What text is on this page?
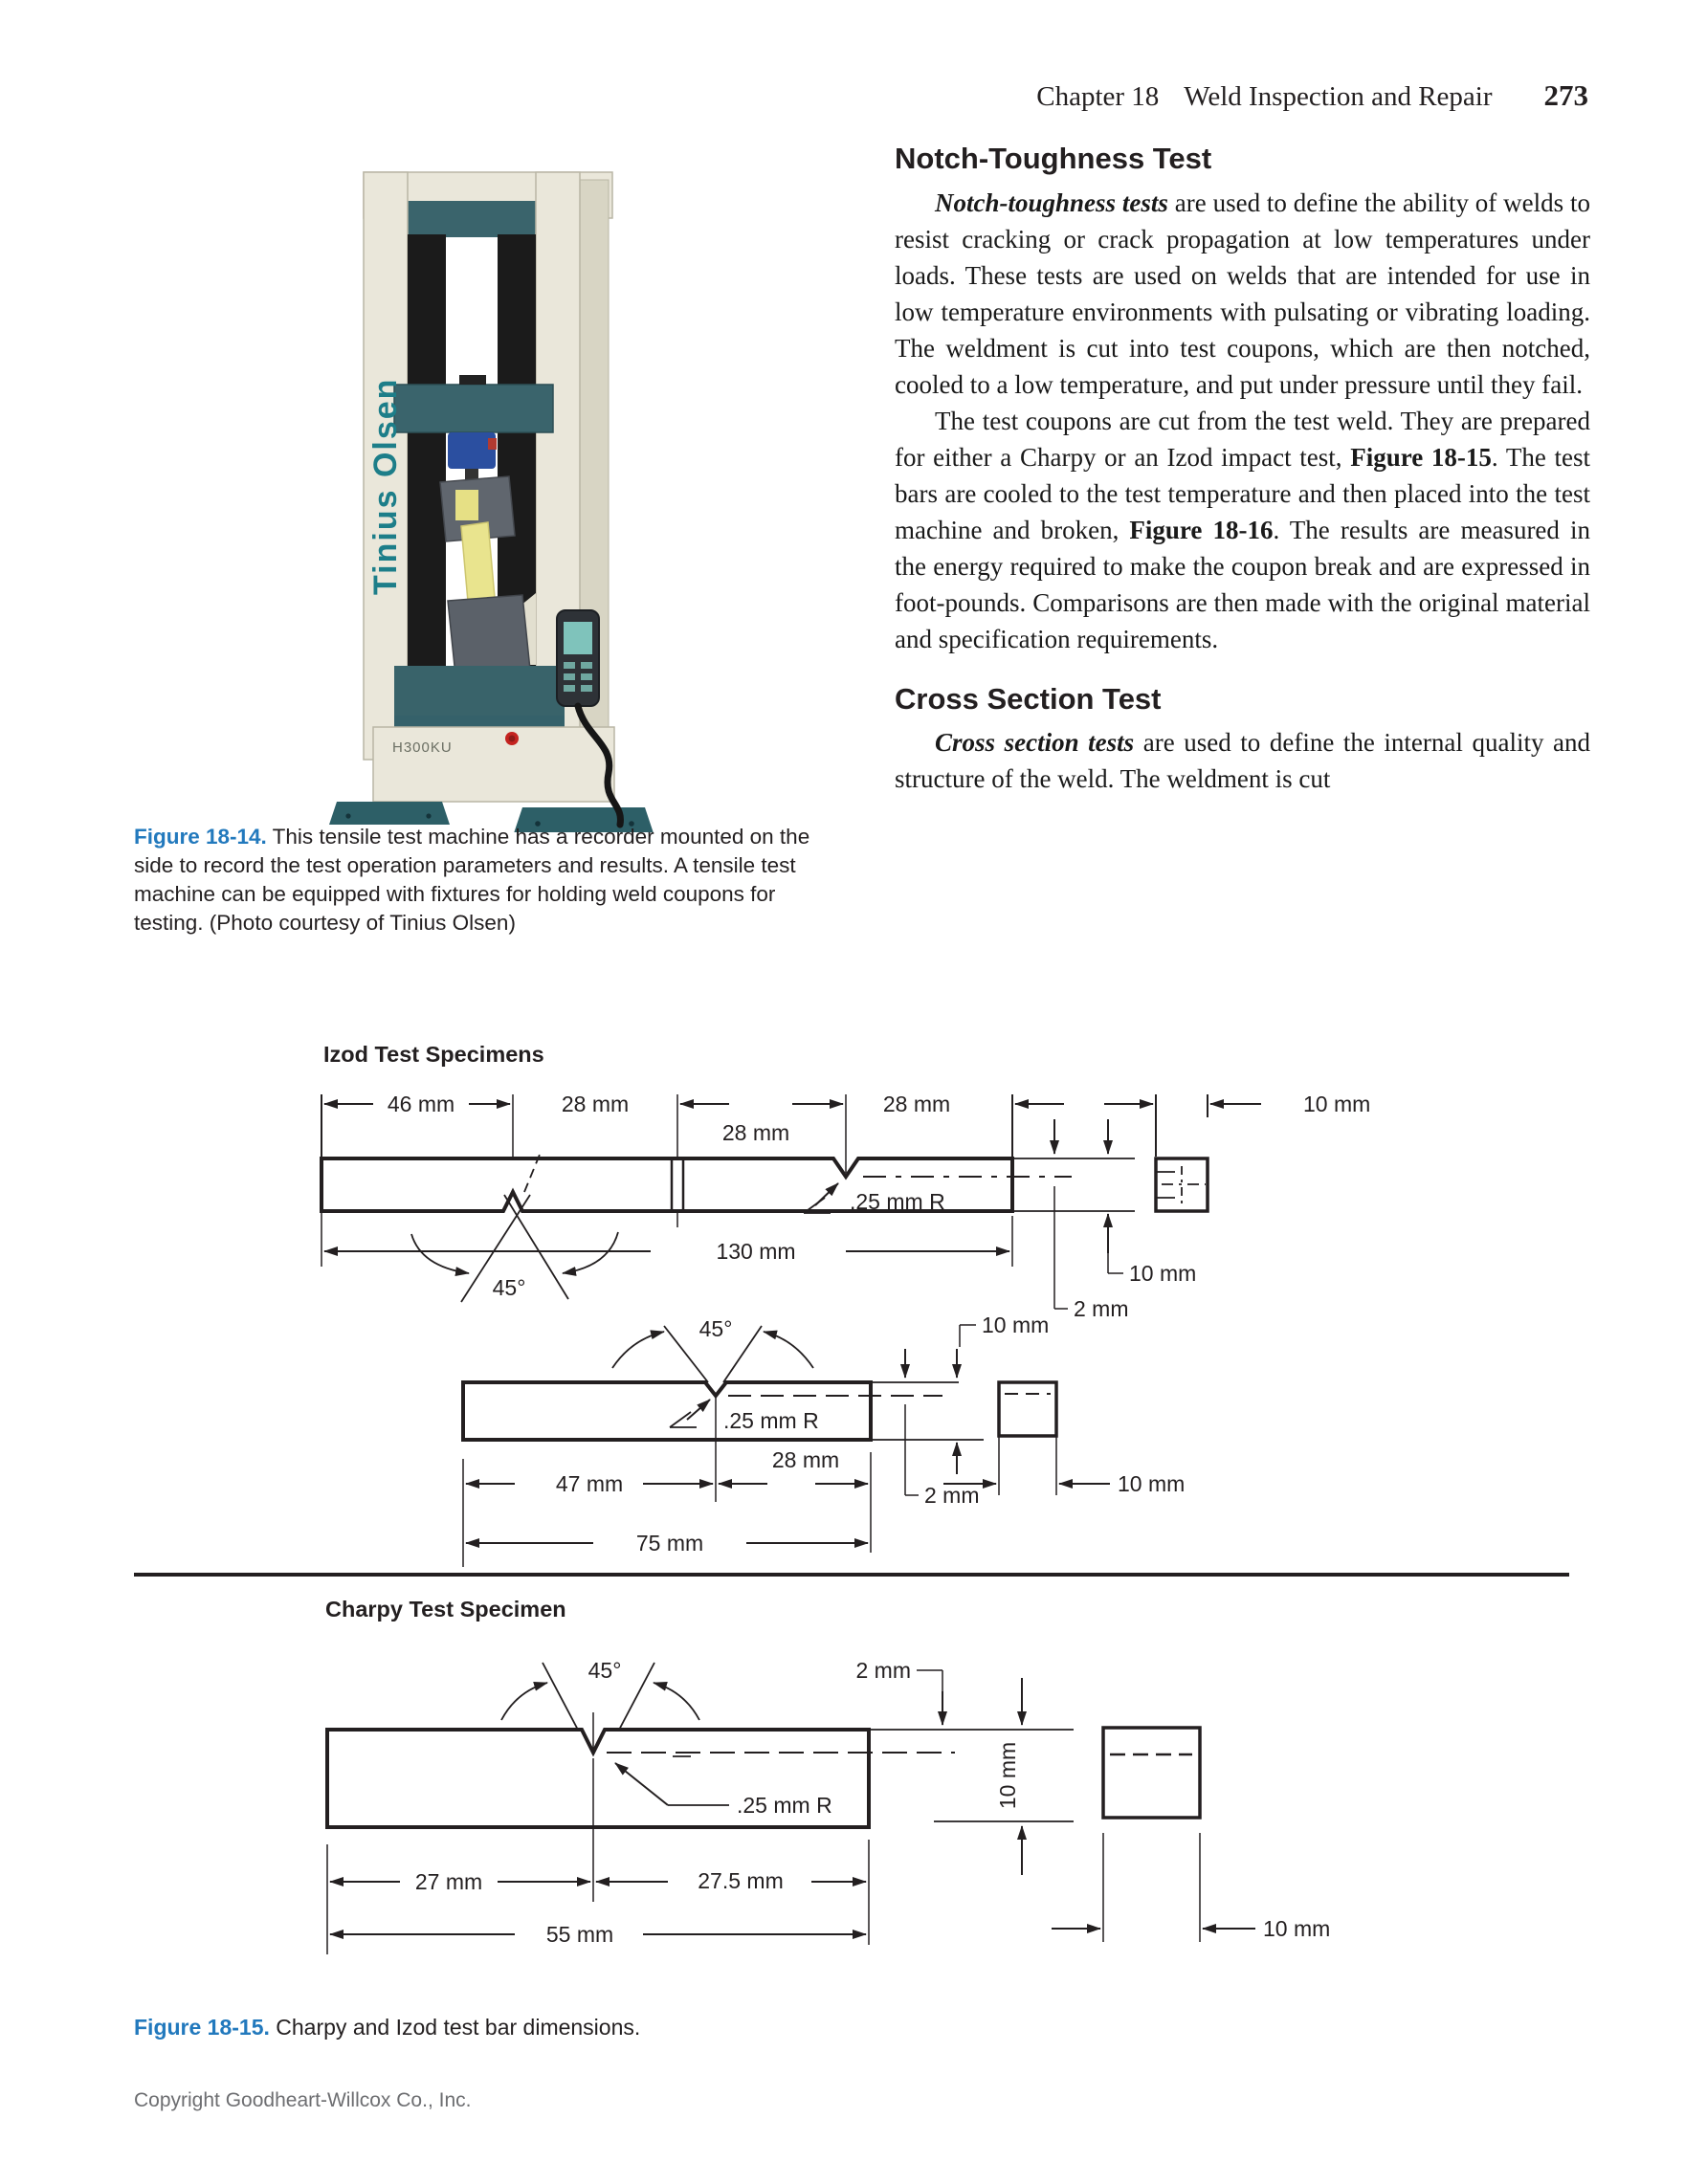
Chapter 18 Weld Inspection and Repair 273
H300KU
Tinius Olsen
Figure 18-14. This tensile test machine has a recorder mounted on the side to record the test operation parameters and results. A tensile test machine can be equipped with fixtures for holding weld coupons for testing. (Photo courtesy of Tinius Olsen)
Notch-Toughness Test

Notch-toughness tests are used to define the ability of welds to resist cracking or crack propagation at low temperatures under loads. These tests are used on welds that are intended for use in low temperature environments with pulsating or vibrating loading. The weldment is cut into test coupons, which are then notched, cooled to a low temperature, and put under pressure until they fail.

The test coupons are cut from the test weld. They are prepared for either a Charpy or an Izod impact test, Figure 18-15. The test bars are cooled to the test temperature and then placed into the test machine and broken, Figure 18-16. The results are measured in the energy required to make the coupon break and are expressed in foot-pounds. Comparisons are then made with the original material and specification requirements.

Cross Section Test

Cross section tests are used to define the internal quality and structure of the weld. The weldment is cut

Izod Test Specimens
46 mm	28 mm
28 mm
28 mm	10 mm
130 mm
45°
.25 mm R
10 mm
2 mm
45°
.25 mm R
10 mm
2 mm
28 mm
47 mm
75 mm
10 mm
Charpy Test Specimen
45°	2 mm
.25 mm R	10 mm
27 mm	27.5 mm
55 mm	10 mm
Figure 18-15. Charpy and Izod test bar dimensions.
Copyright Goodheart-Willcox Co., Inc.
